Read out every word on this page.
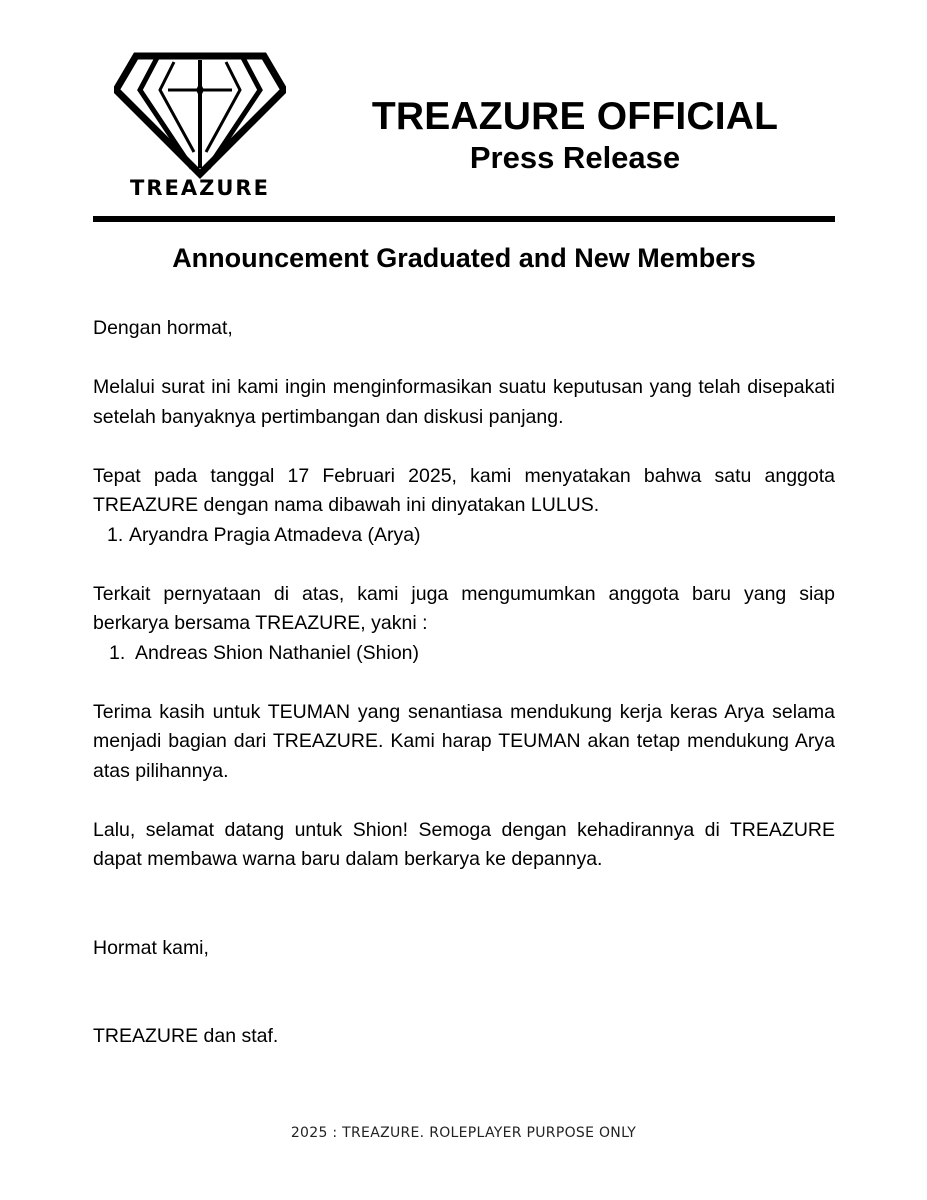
TREAZURE
TREAZURE OFFICIAL
Press Release
Announcement Graduated and New Members

Dengan hormat,

Melalui surat ini kami ingin menginformasikan suatu keputusan yang telah disepakati setelah banyaknya pertimbangan dan diskusi panjang.

Tepat pada tanggal 17 Februari 2025, kami menyatakan bahwa satu anggota TREAZURE dengan nama dibawah ini dinyatakan LULUS.

1. Aryandra Pragia Atmadeva (Arya)

Terkait pernyataan di atas, kami juga mengumumkan anggota baru yang siap berkarya bersama TREAZURE, yakni :

1. Andreas Shion Nathaniel (Shion)

Terima kasih untuk TEUMAN yang senantiasa mendukung kerja keras Arya selama menjadi bagian dari TREAZURE. Kami harap TEUMAN akan tetap mendukung Arya atas pilihannya.

Lalu, selamat datang untuk Shion! Semoga dengan kehadirannya di TREAZURE dapat membawa warna baru dalam berkarya ke depannya.

Hormat kami,

TREAZURE dan staf.

2025 : TREAZURE. ROLEPLAYER PURPOSE ONLY
